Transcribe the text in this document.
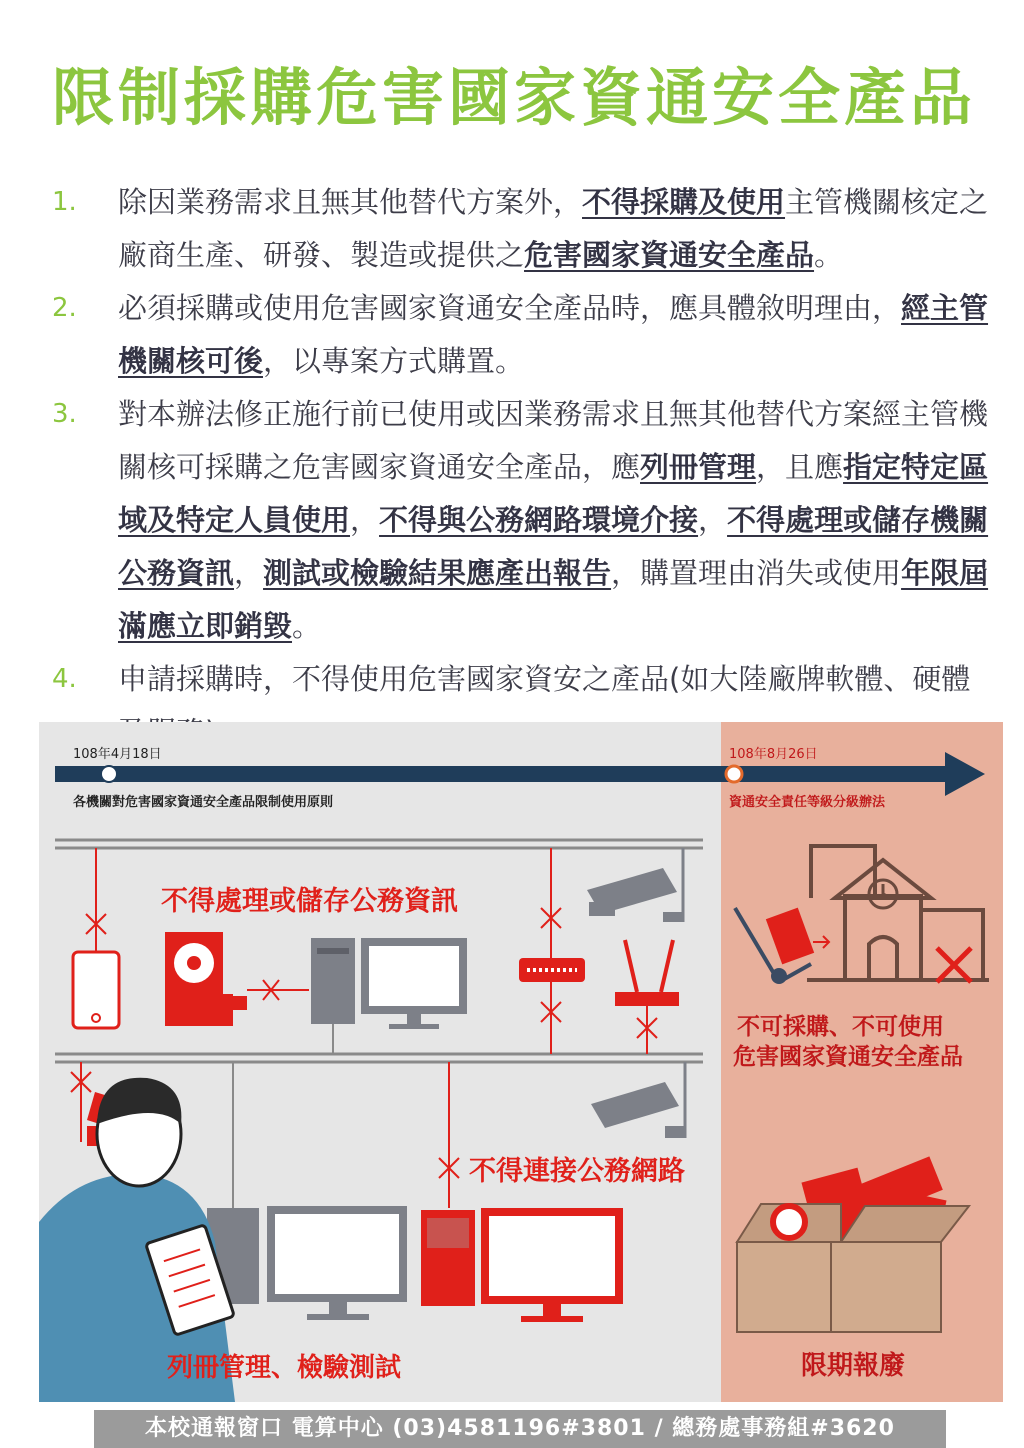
限制採購危害國家資通安全產品
1. 除因業務需求且無其他替代方案外，不得採購及使用主管機關核定之廠商生產、研發、製造或提供之危害國家資通安全產品。
2. 必須採購或使用危害國家資通安全產品時，應具體敘明理由，經主管機關核可後，以專案方式購置。
3. 對本辦法修正施行前已使用或因業務需求且無其他替代方案經主管機關核可採購之危害國家資通安全產品，應列冊管理，且應指定特定區域及特定人員使用，不得與公務網路環境介接，不得處理或儲存機關公務資訊，測試或檢驗結果應產出報告，購置理由消失或使用年限屆滿應立即銷毀。
4. 申請採購時，不得使用危害國家資安之產品(如大陸廠牌軟體、硬體
108年4月18日
各機關對危害國家資通安全產品限制使用原則
108年8月26日
資通安全責任等級分級辦法
不得處理或儲存公務資訊
不得連接公務網路
列冊管理、檢驗測試
不可採購、不可使用
危害國家資通安全產品
限期報廢
本校通報窗口 電算中心 (03)4581196#3801 / 總務處事務組#3620
